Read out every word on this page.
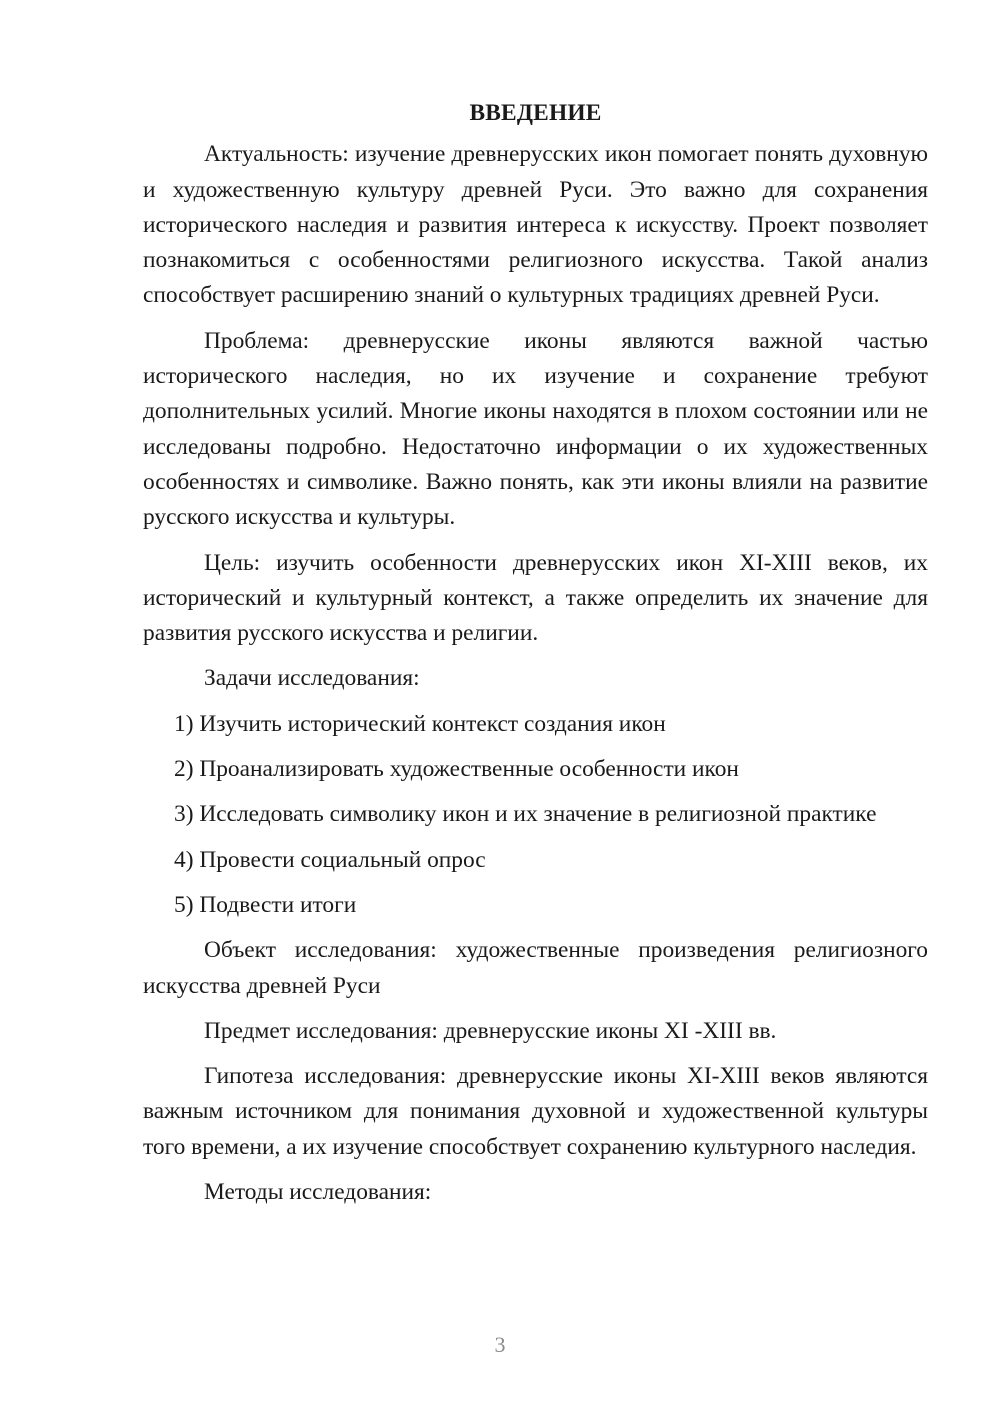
ВВЕДЕНИЕ

Актуальность: изучение древнерусских икон помогает понять духовную и художественную культуру древней Руси. Это важно для сохранения исторического наследия и развития интереса к искусству. Проект позволяет познакомиться с особенностями религиозного искусства. Такой анализ способствует расширению знаний о культурных традициях древней Руси.

Проблема: древнерусские иконы являются важной частью исторического наследия, но их изучение и сохранение требуют дополнительных усилий. Многие иконы находятся в плохом состоянии или не исследованы подробно. Недостаточно информации о их художественных особенностях и символике. Важно понять, как эти иконы влияли на развитие русского искусства и культуры.

Цель: изучить особенности древнерусских икон XI-XIII веков, их исторический и культурный контекст, а также определить их значение для развития русского искусства и религии.

Задачи исследования:
1) Изучить исторический контекст создания икон
2) Проанализировать художественные особенности икон
3) Исследовать символику икон и их значение в религиозной практике
4) Провести социальный опрос
5) Подвести итоги

Объект исследования: художественные произведения религиозного искусства древней Руси

Предмет исследования: древнерусские иконы XI -XIII вв.

Гипотеза исследования: древнерусские иконы XI-XIII веков являются важным источником для понимания духовной и художественной культуры того времени, а их изучение способствует сохранению культурного наследия.

Методы исследования:
3
